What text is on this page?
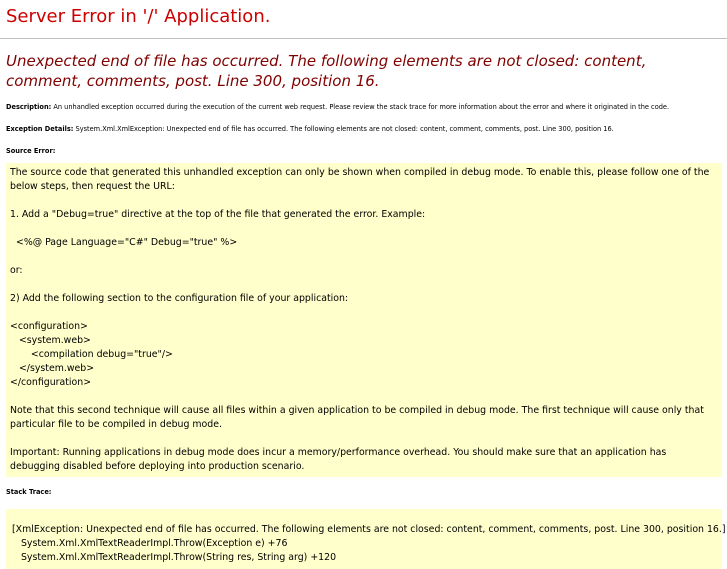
Server Error in '/' Application.
Unexpected end of file has occurred. The following elements are not closed: content, comment, comments, post. Line 300, position 16.
Description: An unhandled exception occurred during the execution of the current web request. Please review the stack trace for more information about the error and where it originated in the code.
Exception Details: System.Xml.XmlException: Unexpected end of file has occurred. The following elements are not closed: content, comment, comments, post. Line 300, position 16.
Source Error:

The source code that generated this unhandled exception can only be shown when compiled in debug mode. To enable this, please follow one of the below steps, then request the URL:

1. Add a "Debug=true" directive at the top of the file that generated the error. Example:

<%@ Page Language="C#" Debug="true" %>

or:

2) Add the following section to the configuration file of your application:

<configuration>
<system.web>
<compilation debug="true"/>
</system.web>
</configuration>

Note that this second technique will cause all files within a given application to be compiled in debug mode. The first technique will cause only that particular file to be compiled in debug mode.

Important: Running applications in debug mode does incur a memory/performance overhead. You should make sure that an application has debugging disabled before deploying into production scenario.

Stack Trace:
[XmlException: Unexpected end of file has occurred. The following elements are not closed: content, comment, comments, post. Line 300, position 16.]
System.Xml.XmlTextReaderImpl.Throw(Exception e) +76
System.Xml.XmlTextReaderImpl.Throw(String res, String arg) +120
